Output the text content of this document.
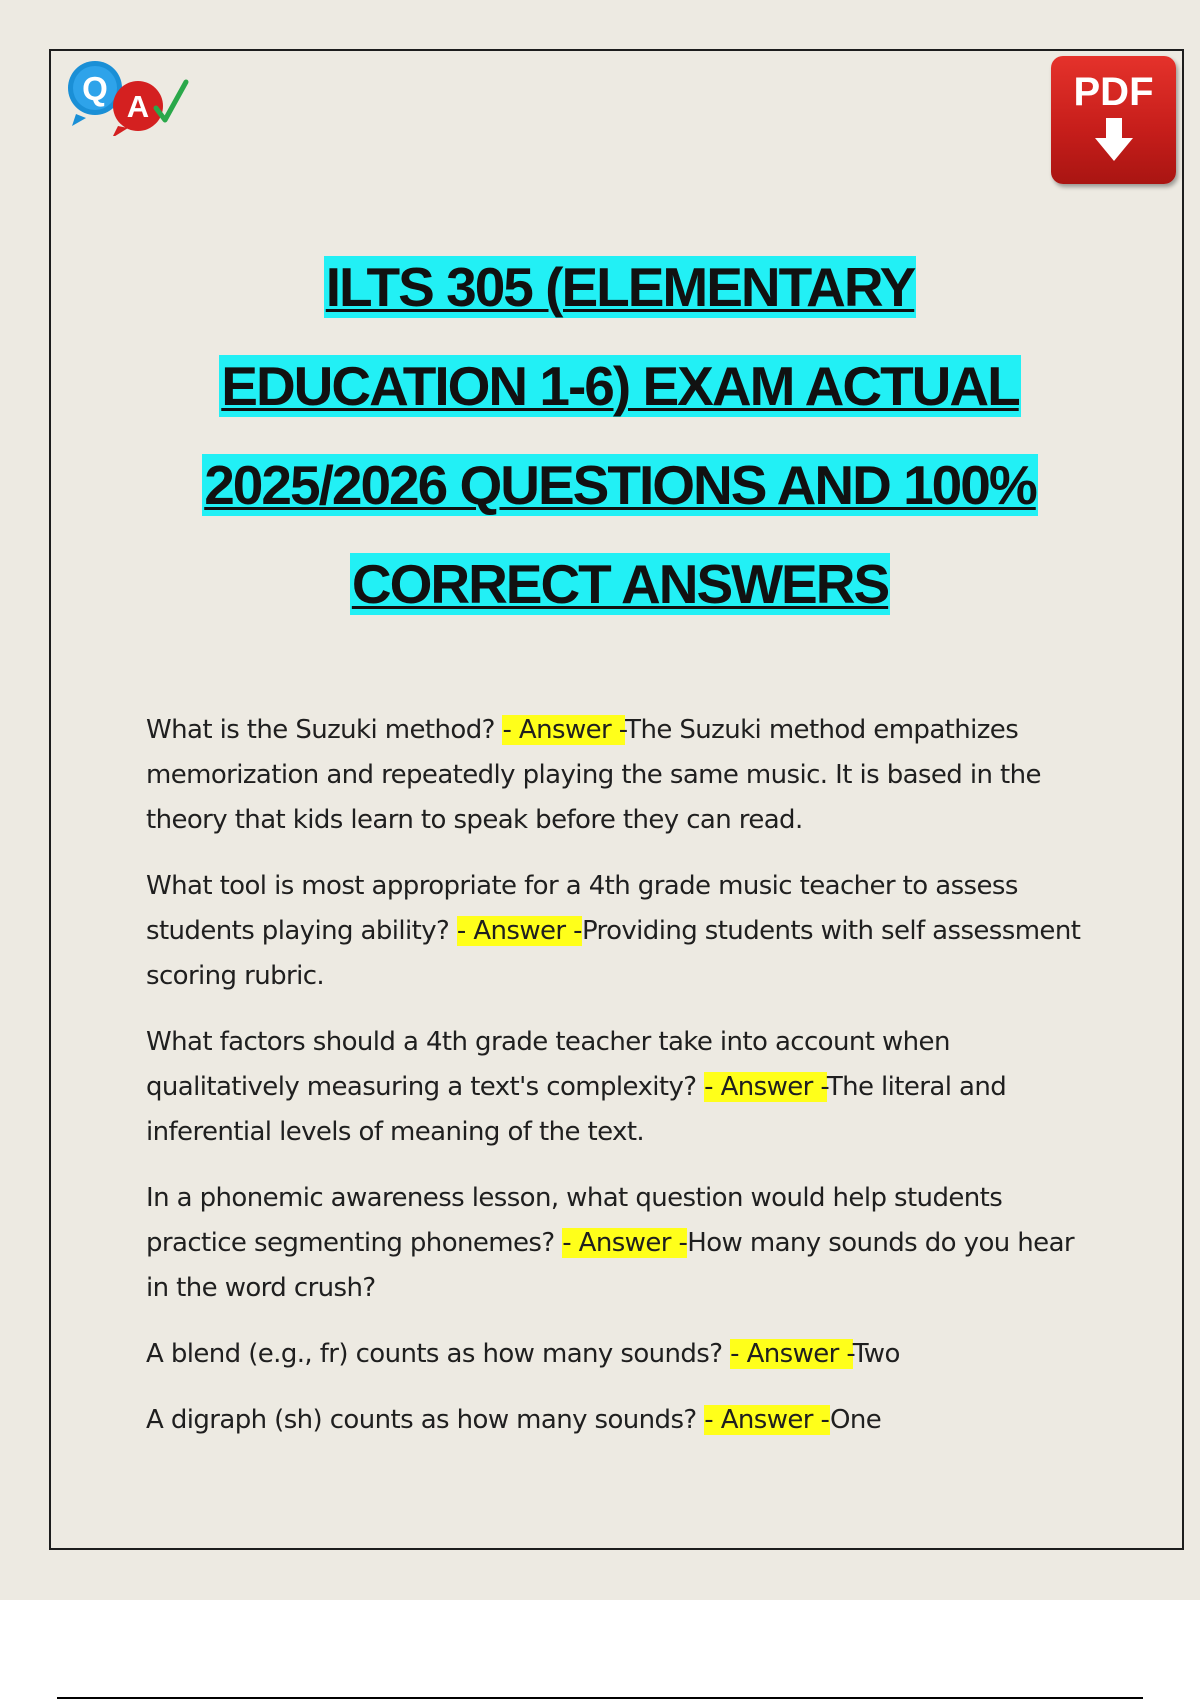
Q A	PDF
ILTS 305 (ELEMENTARY
EDUCATION 1-6) EXAM ACTUAL
2025/2026 QUESTIONS AND 100%
CORRECT ANSWERS
What is the Suzuki method? - Answer -The Suzuki method empathizes memorization and repeatedly playing the same music. It is based in the theory that kids learn to speak before they can read.
What tool is most appropriate for a 4th grade music teacher to assess students playing ability? - Answer -Providing students with self assessment scoring rubric.
What factors should a 4th grade teacher take into account when qualitatively measuring a text's complexity? - Answer -The literal and inferential levels of meaning of the text.
In a phonemic awareness lesson, what question would help students practice segmenting phonemes? - Answer -How many sounds do you hear in the word crush?
A blend (e.g., fr) counts as how many sounds? - Answer -Two
A digraph (sh) counts as how many sounds? - Answer -One
